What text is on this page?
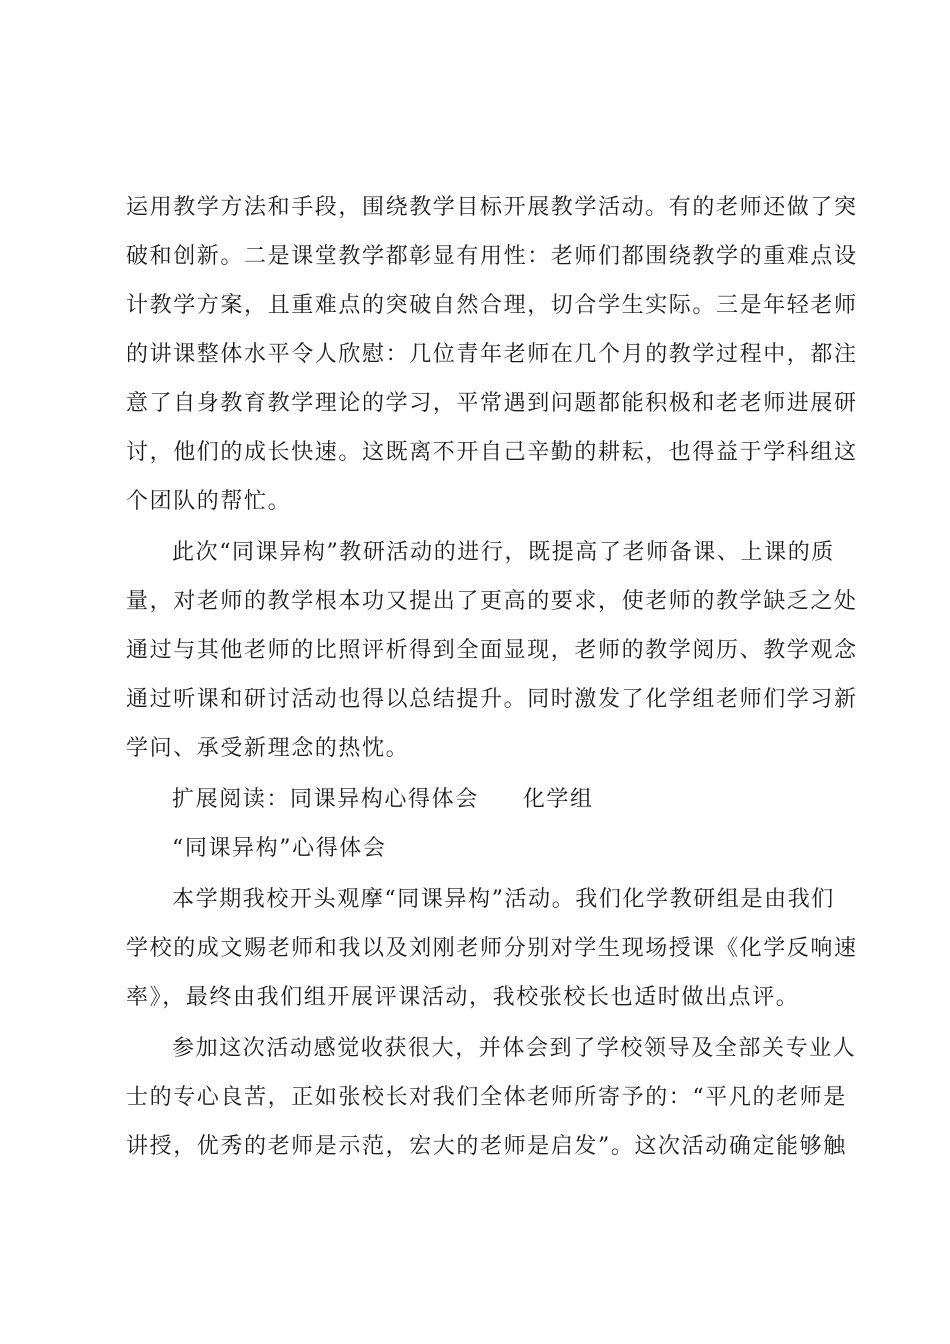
运用教学方法和手段，围绕教学目标开展教学活动。有的老师还做了突
破和创新。二是课堂教学都彰显有用性：老师们都围绕教学的重难点设
计教学方案，且重难点的突破自然合理，切合学生实际。三是年轻老师
的讲课整体水平令人欣慰：几位青年老师在几个月的教学过程中，都注
意了自身教育教学理论的学习，平常遇到问题都能积极和老老师进展研
讨，他们的成长快速。这既离不开自己辛勤的耕耘，也得益于学科组这
个团队的帮忙。
此次“同课异构”教研活动的进行，既提高了老师备课、上课的质
量，对老师的教学根本功又提出了更高的要求，使老师的教学缺乏之处
通过与其他老师的比照评析得到全面显现，老师的教学阅历、教学观念
通过听课和研讨活动也得以总结提升。同时激发了化学组老师们学习新
学问、承受新理念的热忱。
扩展阅读：同课异构心得体会 化学组
“同课异构”心得体会
本学期我校开头观摩“同课异构”活动。我们化学教研组是由我们
学校的成文赐老师和我以及刘刚老师分别对学生现场授课《化学反响速
率》，最终由我们组开展评课活动，我校张校长也适时做出点评。
参加这次活动感觉收获很大，并体会到了学校领导及全部关专业人
士的专心良苦，正如张校长对我们全体老师所寄予的：“平凡的老师是
讲授，优秀的老师是示范，宏大的老师是启发”。这次活动确定能够触
